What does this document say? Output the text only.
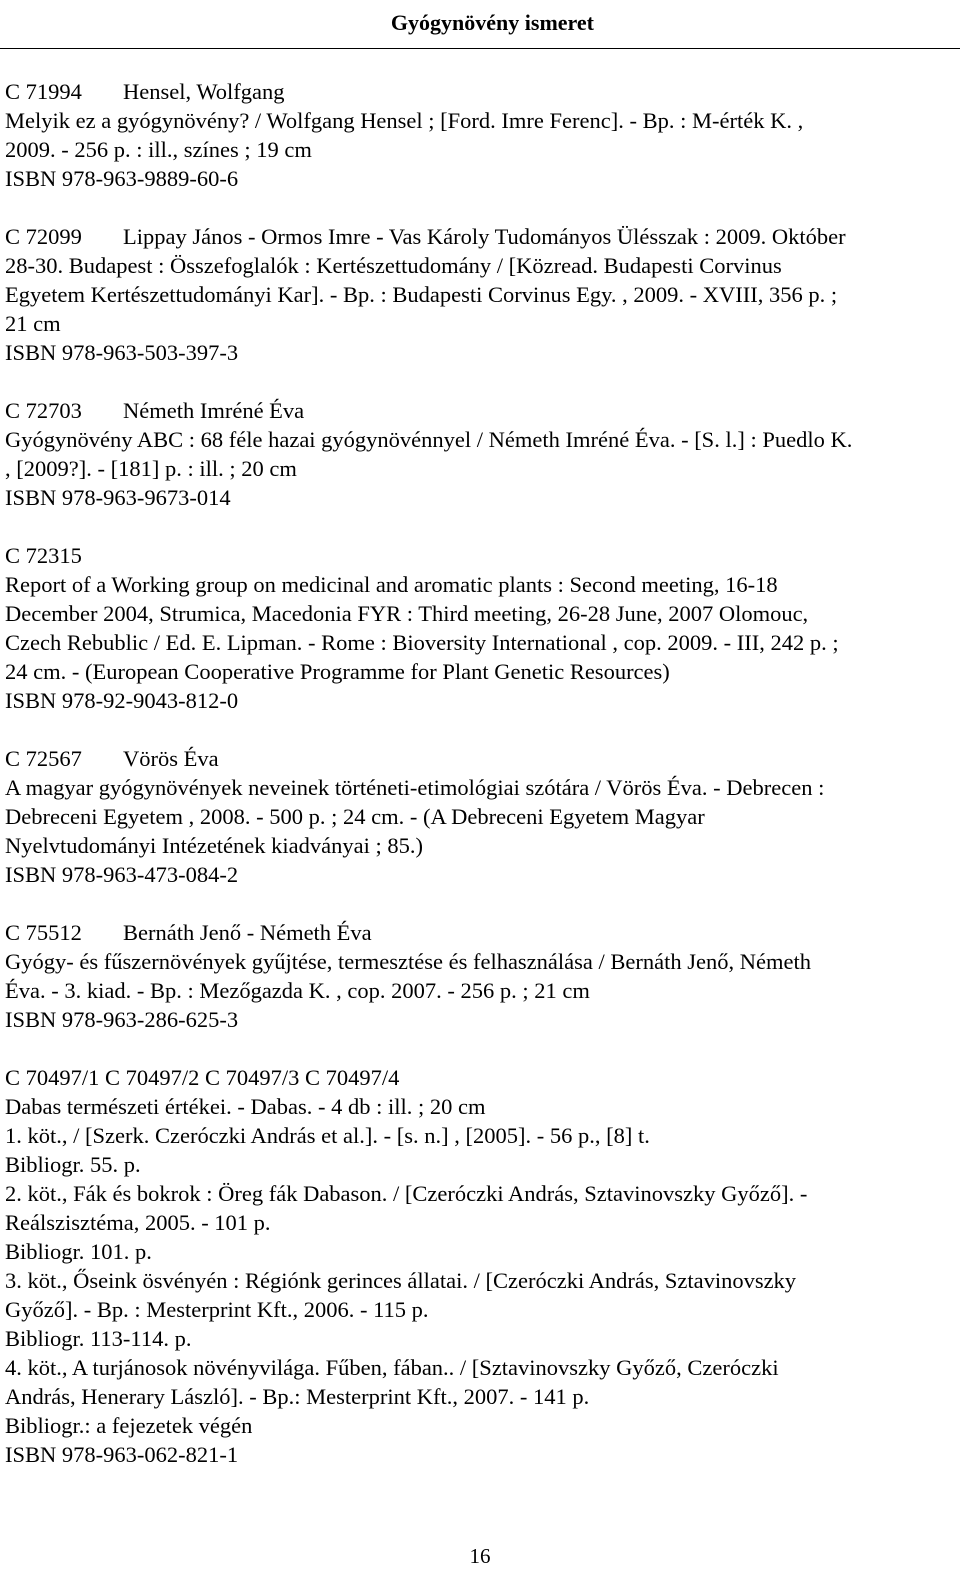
Gyógynövény ismeret
C 71994 Hensel, Wolfgang
Melyik ez a gyógynövény? / Wolfgang Hensel ; [Ford. Imre Ferenc]. - Bp. : M-érték K. ,
2009. - 256 p. : ill., színes ; 19 cm
ISBN 978-963-9889-60-6
C 72099 Lippay János - Ormos Imre - Vas Károly Tudományos Ülésszak : 2009. Október
28-30. Budapest : Összefoglalók : Kertészettudomány / [Közread. Budapesti Corvinus
Egyetem Kertészettudományi Kar]. - Bp. : Budapesti Corvinus Egy. , 2009. - XVIII, 356 p. ;
21 cm
ISBN 978-963-503-397-3
C 72703 Németh Imréné Éva
Gyógynövény ABC : 68 féle hazai gyógynövénnyel / Németh Imréné Éva. - [S. l.] : Puedlo K.
, [2009?]. - [181] p. : ill. ; 20 cm
ISBN 978-963-9673-014
C 72315
Report of a Working group on medicinal and aromatic plants : Second meeting, 16-18
December 2004, Strumica, Macedonia FYR : Third meeting, 26-28 June, 2007 Olomouc,
Czech Rebublic / Ed. E. Lipman. - Rome : Bioversity International , cop. 2009. - III, 242 p. ;
24 cm. - (European Cooperative Programme for Plant Genetic Resources)
ISBN 978-92-9043-812-0
C 72567 Vörös Éva
A magyar gyógynövények neveinek történeti-etimológiai szótára / Vörös Éva. - Debrecen :
Debreceni Egyetem , 2008. - 500 p. ; 24 cm. - (A Debreceni Egyetem Magyar
Nyelvtudományi Intézetének kiadványai ; 85.)
ISBN 978-963-473-084-2
C 75512 Bernáth Jenő - Németh Éva
Gyógy- és fűszernövények gyűjtése, termesztése és felhasználása / Bernáth Jenő, Németh
Éva. - 3. kiad. - Bp. : Mezőgazda K. , cop. 2007. - 256 p. ; 21 cm
ISBN 978-963-286-625-3
C 70497/1 C 70497/2 C 70497/3 C 70497/4
Dabas természeti értékei. - Dabas. - 4 db : ill. ; 20 cm
1. köt., / [Szerk. Czeróczki András et al.]. - [s. n.] , [2005]. - 56 p., [8] t.
Bibliogr. 55. p.
2. köt., Fák és bokrok : Öreg fák Dabason. / [Czeróczki András, Sztavinovszky Győző]. -
Reálszisztéma, 2005. - 101 p.
Bibliogr. 101. p.
3. köt., Őseink ösvényén : Régiónk gerinces állatai. / [Czeróczki András, Sztavinovszky
Győző]. - Bp. : Mesterprint Kft., 2006. - 115 p.
Bibliogr. 113-114. p.
4. köt., A turjánosok növényvilága. Fűben, fában.. / [Sztavinovszky Győző, Czeróczki
András, Henerary László]. - Bp.: Mesterprint Kft., 2007. - 141 p.
Bibliogr.: a fejezetek végén
ISBN 978-963-062-821-1
16
